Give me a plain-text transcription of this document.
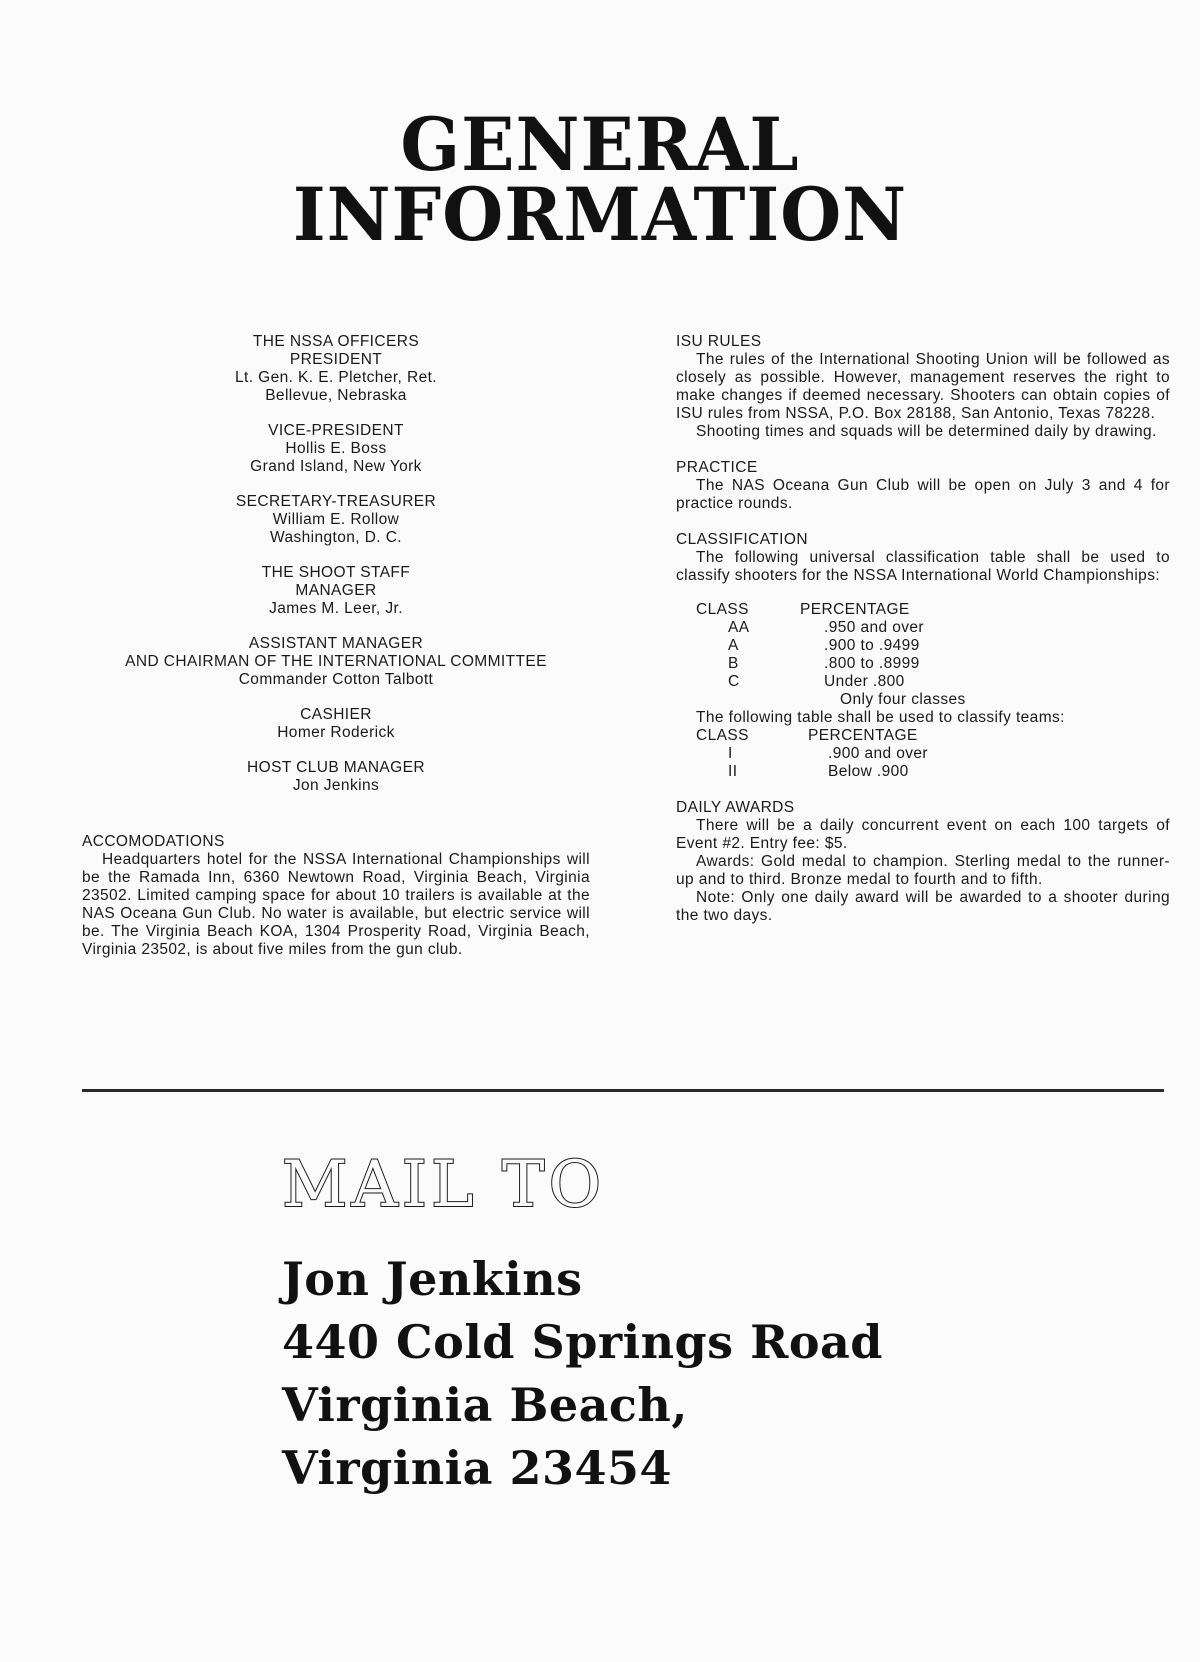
GENERAL
INFORMATION
THE NSSA OFFICERS
PRESIDENT
Lt. Gen. K. E. Pletcher, Ret.
Bellevue, Nebraska
VICE-PRESIDENT
Hollis E. Boss
Grand Island, New York
SECRETARY-TREASURER
William E. Rollow
Washington, D. C.
THE SHOOT STAFF
MANAGER
James M. Leer, Jr.
ASSISTANT MANAGER
AND CHAIRMAN OF THE INTERNATIONAL COMMITTEE
Commander Cotton Talbott
CASHIER
Homer Roderick
HOST CLUB MANAGER
Jon Jenkins
ACCOMODATIONS

Headquarters hotel for the NSSA International Championships will be the Ramada Inn, 6360 Newtown Road, Virginia Beach, Virginia 23502. Limited camping space for about 10 trailers is available at the NAS Oceana Gun Club. No water is available, but electric service will be. The Virginia Beach KOA, 1304 Prosperity Road, Virginia Beach, Virginia 23502, is about five miles from the gun club.

ISU RULES

The rules of the International Shooting Union will be followed as closely as possible. However, management reserves the right to make changes if deemed necessary. Shooters can obtain copies of ISU rules from NSSA, P.O. Box 28188, San Antonio, Texas 78228.

Shooting times and squads will be determined daily by drawing.

PRACTICE

The NAS Oceana Gun Club will be open on July 3 and 4 for practice rounds.

CLASSIFICATION

The following universal classification table shall be used to classify shooters for the NSSA International World Championships:

CLASS	PERCENTAGE
AA	.950 and over
A	.900 to .9499
B	.800 to .8999
C	Under .800
Only four classes
The following table shall be used to classify teams:
CLASS	PERCENTAGE
I	.900 and over
II	Below .900
DAILY AWARDS

There will be a daily concurrent event on each 100 targets of Event #2. Entry fee: $5.

Awards: Gold medal to champion. Sterling medal to the runner-up and to third. Bronze medal to fourth and to fifth.

Note: Only one daily award will be awarded to a shooter during the two days.

MAIL TO
Jon Jenkins
440 Cold Springs Road
Virginia Beach,
Virginia 23454
